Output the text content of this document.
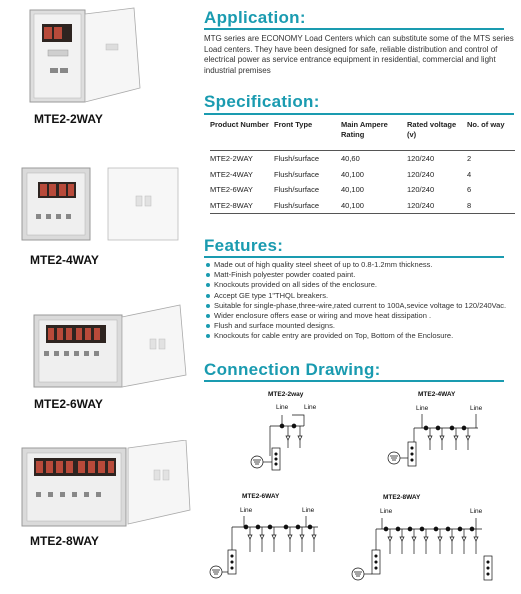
MTE2-2WAY
MTE2-4WAY
MTE2-6WAY
MTE2-8WAY
Application:
MTG series are ECONOMY Load Centers which can substitute some of the MTS series Load centers. They have been designed for safe, reliable distribution and control of electrical power as service entrance equipment in residential, commercial and light industrial premises
Specification:
Product Number	Front Type	Main Ampere Rating	Rated voltage (v)	No. of way

MTE2-2WAY	Flush/surface	40,60	120/240	2
MTE2-4WAY	Flush/surface	40,100	120/240	4
MTE2-6WAY	Flush/surface	40,100	120/240	6
MTE2-8WAY	Flush/surface	40,100	120/240	8
Features:
Made out of high quality steel sheet of up to 0.8-1.2mm thickness.
Matt-Finish polyester powder coated paint.
Knockouts provided on all sides of the enclosure.
Accept GE type 1"THQL breakers.
Suitable for single-phase,three-wire,rated current to 100A,sevice voltage to 120/240Vac.
Wider enclosure offers ease or wiring and move heat dissipation .
Flush and surface mounted designs.
Knockouts for cable entry are provided on Top, Bottom of the Enclosure.
Connection Drawing:
MTE2-2way
Line Line
MTE2-4WAY
Line	Line
MTE2-6WAY
Line	Line
MTE2-8WAY
Line	Line
